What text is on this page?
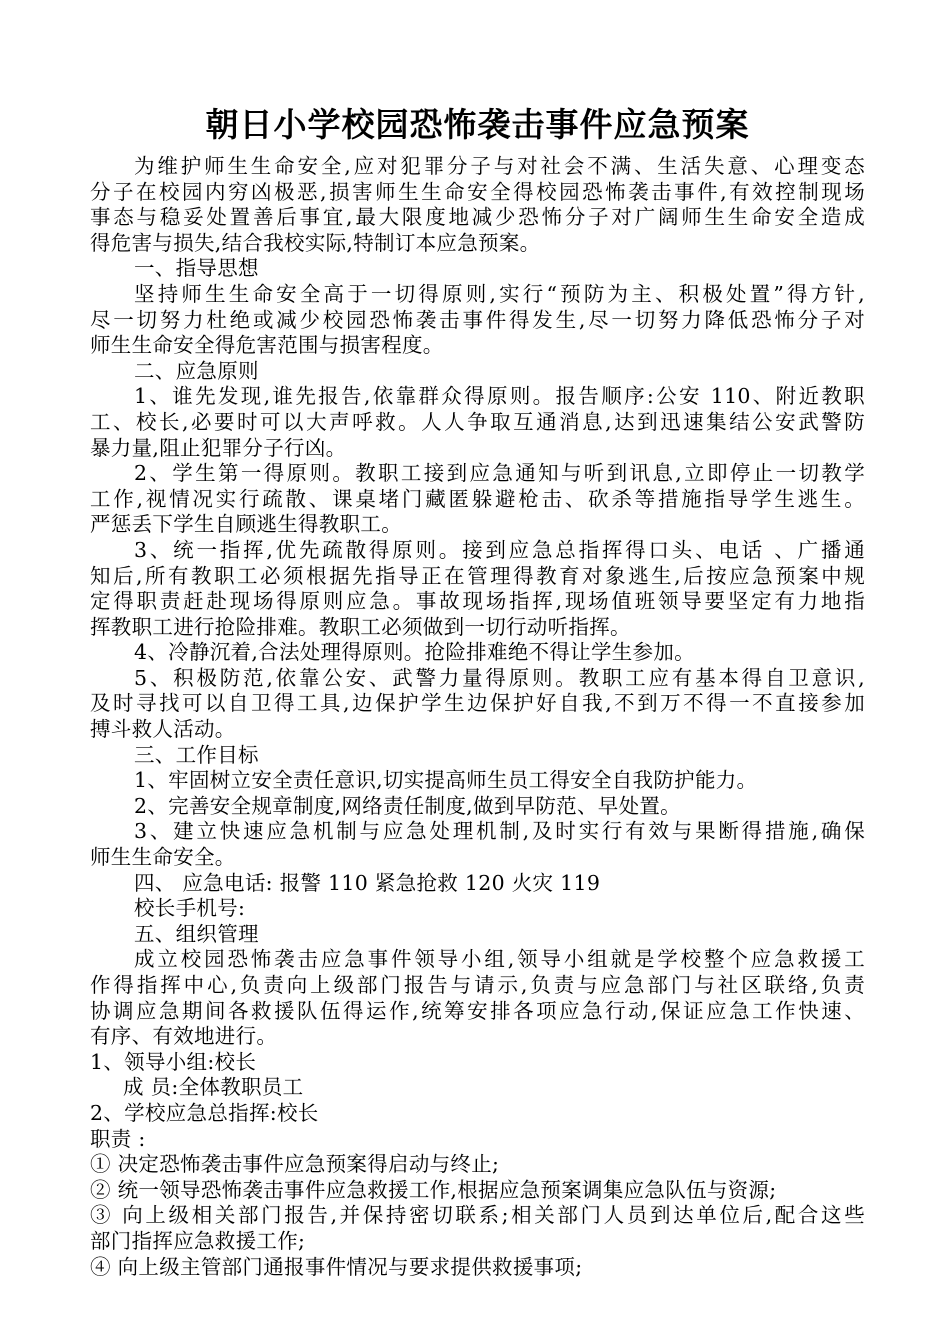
朝日小学校园恐怖袭击事件应急预案

为维护师生生命安全,应对犯罪分子与对社会不满、生活失意、心理变态

分子在校园内穷凶极恶,损害师生生命安全得校园恐怖袭击事件,有效控制现场

事态与稳妥处置善后事宜,最大限度地减少恐怖分子对广阔师生生命安全造成

得危害与损失,结合我校实际,特制订本应急预案。

一、指导思想

坚持师生生命安全高于一切得原则,实行“预防为主、积极处置”得方针,

尽一切努力杜绝或减少校园恐怖袭击事件得发生,尽一切努力降低恐怖分子对

师生生命安全得危害范围与损害程度。

二、应急原则

1、谁先发现,谁先报告,依靠群众得原则。报告顺序:公安 110、附近教职

工、校长,必要时可以大声呼救。人人争取互通消息,达到迅速集结公安武警防

暴力量,阻止犯罪分子行凶。

2、学生第一得原则。教职工接到应急通知与听到讯息,立即停止一切教学

工作,视情况实行疏散、课桌堵门藏匿躲避枪击、砍杀等措施指导学生逃生。

严惩丢下学生自顾逃生得教职工。

3、统一指挥,优先疏散得原则。接到应急总指挥得口头、电话 、广播通

知后,所有教职工必须根据先指导正在管理得教育对象逃生,后按应急预案中规

定得职责赶赴现场得原则应急。事故现场指挥,现场值班领导要坚定有力地指

挥教职工进行抢险排难。教职工必须做到一切行动听指挥。

4、冷静沉着,合法处理得原则。抢险排难绝不得让学生参加。

5、积极防范,依靠公安、武警力量得原则。教职工应有基本得自卫意识,

及时寻找可以自卫得工具,边保护学生边保护好自我,不到万不得一不直接参加

搏斗救人活动。

三、工作目标

1、牢固树立安全责任意识,切实提高师生员工得安全自我防护能力。

2、完善安全规章制度,网络责任制度,做到早防范、早处置。

3、建立快速应急机制与应急处理机制,及时实行有效与果断得措施,确保

师生生命安全。

四、 应急电话: 报警 110 紧急抢救 120 火灾 119

校长手机号:

五、组织管理

成立校园恐怖袭击应急事件领导小组,领导小组就是学校整个应急救援工

作得指挥中心,负责向上级部门报告与请示,负责与应急部门与社区联络,负责

协调应急期间各救援队伍得运作,统筹安排各项应急行动,保证应急工作快速、

有序、有效地进行。

1、领导小组:校长

成 员:全体教职员工

2、学校应急总指挥:校长

职责 :

① 决定恐怖袭击事件应急预案得启动与终止;

② 统一领导恐怖袭击事件应急救援工作,根据应急预案调集应急队伍与资源;

③ 向上级相关部门报告,并保持密切联系;相关部门人员到达单位后,配合这些

部门指挥应急救援工作;

④ 向上级主管部门通报事件情况与要求提供救援事项;
